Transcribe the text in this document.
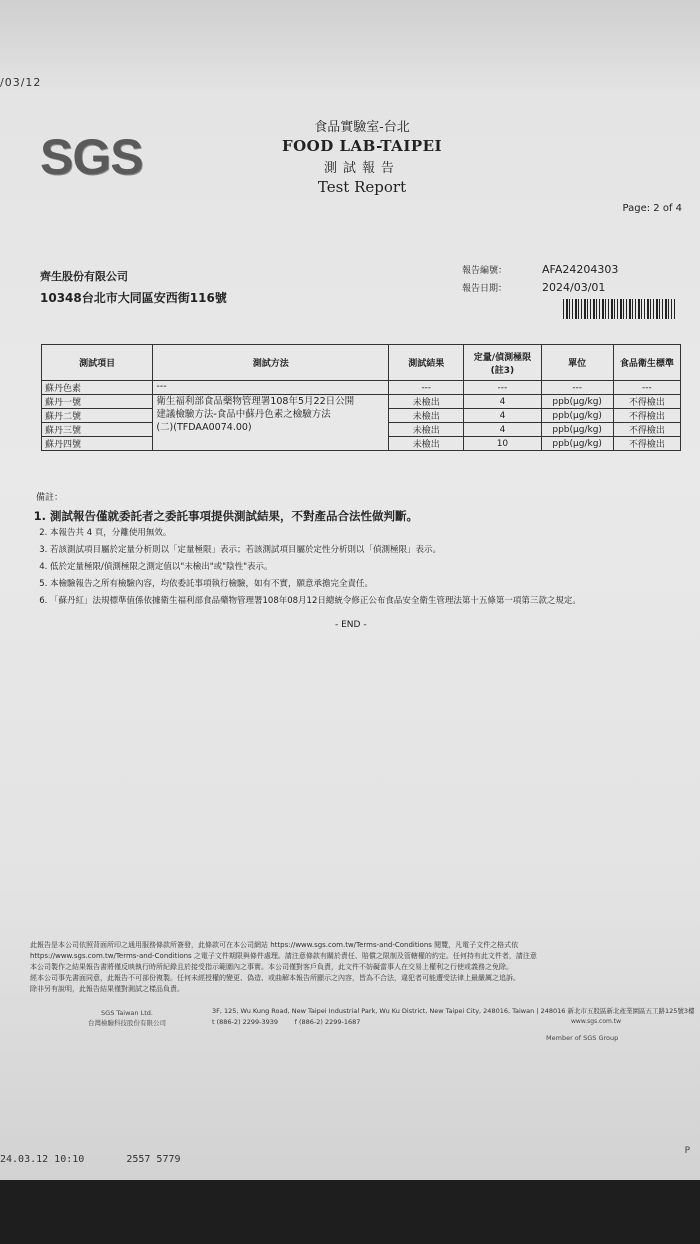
/03/12
SGS
食品實驗室-台北
FOOD LAB-TAIPEI
測試報告
Test Report
Page: 2 of 4
齊生股份有限公司
10348台北市大同區安西街116號
報告編號：	AFA24204303
報告日期：	2024/03/01
測試項目	測試方法	測試結果	定量/偵測極限(註3)	單位	食品衛生標準
蘇丹色素	---	---	---	---	---
蘇丹一號	衛生福利部食品藥物管理署108年5月22日公開
建議檢驗方法-食品中蘇丹色素之檢驗方法
(二)(TFDAA0074.00)	未檢出	4	ppb(μg/kg)	不得檢出
蘇丹二號		未檢出	4	ppb(μg/kg)	不得檢出
蘇丹三號		未檢出	4	ppb(μg/kg)	不得檢出
蘇丹四號		未檢出	10	ppb(μg/kg)	不得檢出
備註：
1. 測試報告僅就委託者之委託事項提供測試結果，不對產品合法性做判斷。
2. 本報告共 4 頁，分離使用無效。
3. 若該測試項目屬於定量分析則以「定量極限」表示；若該測試項目屬於定性分析則以「偵測極限」表示。
4. 低於定量極限/偵測極限之測定值以"未檢出"或"陰性"表示。
5. 本檢驗報告之所有檢驗內容，均依委託事項執行檢驗，如有不實，願意承擔完全責任。
6. 「蘇丹紅」法規標準值係依據衛生福利部食品藥物管理署108年08月12日總統令修正公布食品安全衛生管理法第十五條第一項第三款之規定。
- END -
此報告是本公司依照背面所印之通用服務條款所簽發，此條款可在本公司網站 https://www.sgs.com.tw/Terms-and-Conditions 閱覽，凡電子文件之格式依
https://www.sgs.com.tw/Terms-and-Conditions 之電子文件期限與條件處理。請注意條款有關於責任、賠償之限制及管轄權的約定。任何持有此文件者，請注意
本公司製作之結果報告書將僅反映執行時所紀錄且於接受指示範圍內之事實。本公司僅對客戶負責，此文件不妨礙當事人在交易上權利之行使或義務之免除。
經本公司事先書面同意，此報告不可部份複製。任何未經授權的變更、偽造、或曲解本報告所顯示之內容，皆為不合法，違犯者可能遭受法律上最嚴厲之追訴。
除非另有說明，此報告結果僅對測試之樣品負責。
SGS Taiwan Ltd.
台灣檢驗科技股份有限公司
3F, 125, Wu Kung Road, New Taipei Industrial Park, Wu Ku District, New Taipei City, 248016, Taiwan | 248016 新北市五股區新北產業園區五工路125號3樓
t (886-2) 2299-3939	f (886-2) 2299-1687	www.sgs.com.tw
Member of SGS Group
24.03.12 10:10	2557 5779
P
